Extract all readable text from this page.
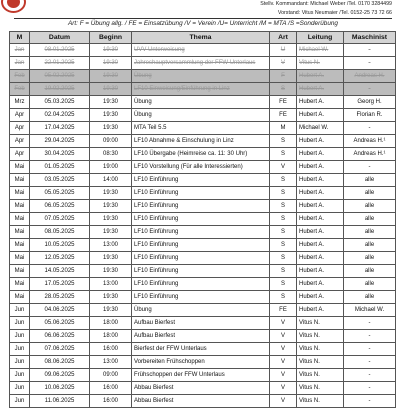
Stellv. Kommandant: Michael Weber /Tel. 0170 3284499
Vorstand: Vitus Neumaier /Tel. 0152-25 73 72 66
Art: F = Übung allg. / FE = Einsatzübung /V = Verein /U= Unterricht /M = MTA /S =Sonderübung
M	Datum	Beginn	Thema	Art	Leitung	Maschinist
Jan	08.01.2025	19:30	UVV-Unterweisung	U	Michael W.	-
Jan	22.01.2025	19:30	Jahreshauptversammlung der FFW Unterlaus	V	Vitus N.	-
Feb	05.02.2025	19:30	Übung	F	Hubert A.	Andreas H.
Feb	19.02.2025	19:30	LF10 Einweisung/Einführung in Linz	S	Hubert A.	-
Mrz	05.03.2025	19:30	Übung	FE	Hubert A.	Georg H.
Apr	02.04.2025	19:30	Übung	FE	Hubert A.	Florian R.
Apr	17.04.2025	19:30	MTA Teil 5.5	M	Michael W.	-
Apr	29.04.2025	09:00	LF10 Abnahme & Einschulung in Linz	S	Hubert A.	Andreas H.¹
Apr	30.04.2025	08:30	LF10 Übergabe (Heimreise ca. 11: 30 Uhr)	S	Hubert A.	Andreas H.¹
Mai	01.05.2025	19:00	LF10 Vorstellung (Für alle Interessierten)	V	Hubert A.	-
Mai	03.05.2025	14:00	LF10 Einführung	S	Hubert A.	alle
Mai	05.05.2025	19:30	LF10 Einführung	S	Hubert A.	alle
Mai	06.05.2025	19:30	LF10 Einführung	S	Hubert A.	alle
Mai	07.05.2025	19:30	LF10 Einführung	S	Hubert A.	alle
Mai	08.05.2025	19:30	LF10 Einführung	S	Hubert A.	alle
Mai	10.05.2025	13:00	LF10 Einführung	S	Hubert A.	alle
Mai	12.05.2025	19:30	LF10 Einführung	S	Hubert A.	alle
Mai	14.05.2025	19:30	LF10 Einführung	S	Hubert A.	alle
Mai	17.05.2025	13:00	LF10 Einführung	S	Hubert A.	alle
Mai	28.05.2025	19:30	LF10 Einführung	S	Hubert A.	alle
Jun	04.06.2025	19:30	Übung	FE	Hubert A.	Michael W.
Jun	05.06.2025	18:00	Aufbau Bierfest	V	Vitus N.	-
Jun	06.06.2025	18:00	Aufbau Bierfest	V	Vitus N.	-
Jun	07.06.2025	16:00	Bierfest der FFW Unterlaus	V	Vitus N.	-
Jun	08.06.2025	13:00	Vorbereiten Frühschoppen	V	Vitus N.	-
Jun	09.06.2025	09:00	Frühschoppen der FFW Unterlaus	V	Vitus N.	-
Jun	10.06.2025	16:00	Abbau Bierfest	V	Vitus N.	-
Jun	11.06.2025	16:00	Abbau Bierfest	V	Vitus N.	-
